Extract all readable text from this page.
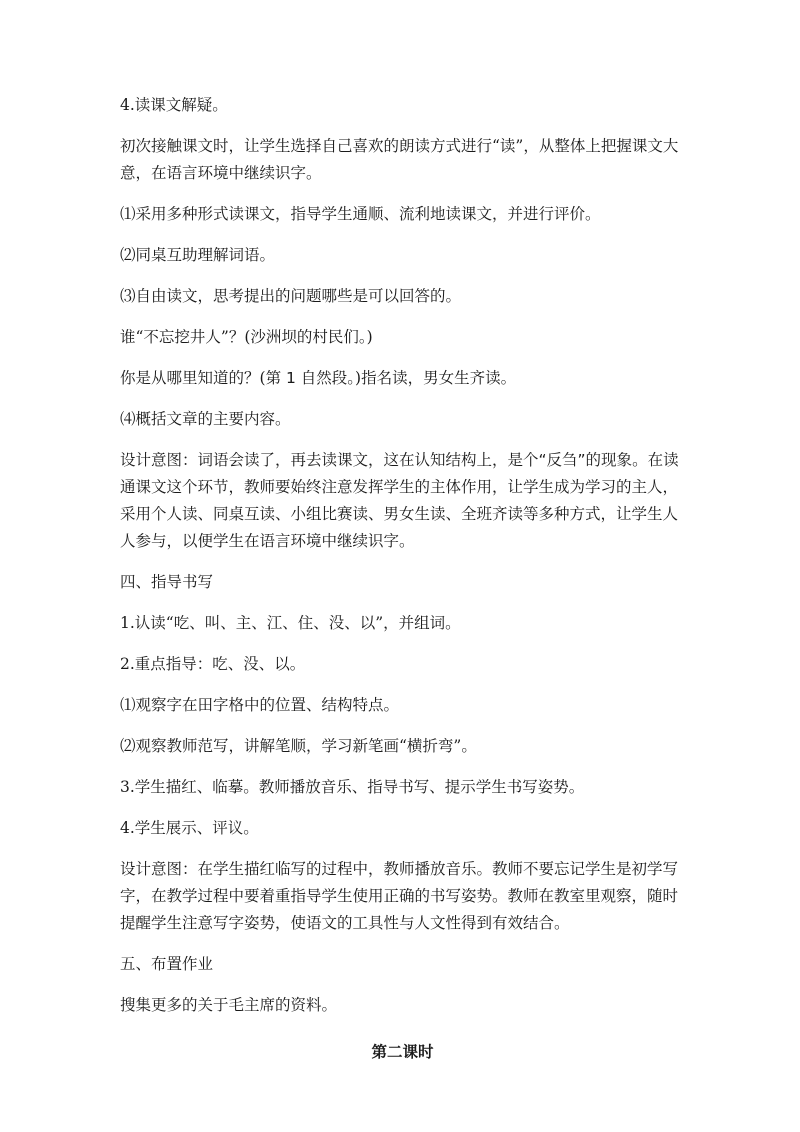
4.读课文解疑。

初次接触课文时，让学生选择自己喜欢的朗读方式进行“读”，从整体上把握课文大意，在语言环境中继续识字。

⑴采用多种形式读课文，指导学生通顺、流利地读课文，并进行评价。

⑵同桌互助理解词语。

⑶自由读文，思考提出的问题哪些是可以回答的。

谁“不忘挖井人”？(沙洲坝的村民们。)

你是从哪里知道的？(第 1 自然段。)指名读，男女生齐读。

⑷概括文章的主要内容。

设计意图：词语会读了，再去读课文，这在认知结构上，是个“反刍”的现象。在读通课文这个环节，教师要始终注意发挥学生的主体作用，让学生成为学习的主人，采用个人读、同桌互读、小组比赛读、男女生读、全班齐读等多种方式，让学生人人参与，以便学生在语言环境中继续识字。

四、指导书写

1.认读“吃、叫、主、江、住、没、以”，并组词。

2.重点指导：吃、没、以。

⑴观察字在田字格中的位置、结构特点。

⑵观察教师范写，讲解笔顺，学习新笔画“横折弯”。

3.学生描红、临摹。教师播放音乐、指导书写、提示学生书写姿势。

4.学生展示、评议。

设计意图：在学生描红临写的过程中，教师播放音乐。教师不要忘记学生是初学写字，在教学过程中要着重指导学生使用正确的书写姿势。教师在教室里观察，随时提醒学生注意写字姿势，使语文的工具性与人文性得到有效结合。

五、布置作业

搜集更多的关于毛主席的资料。

第二课时
